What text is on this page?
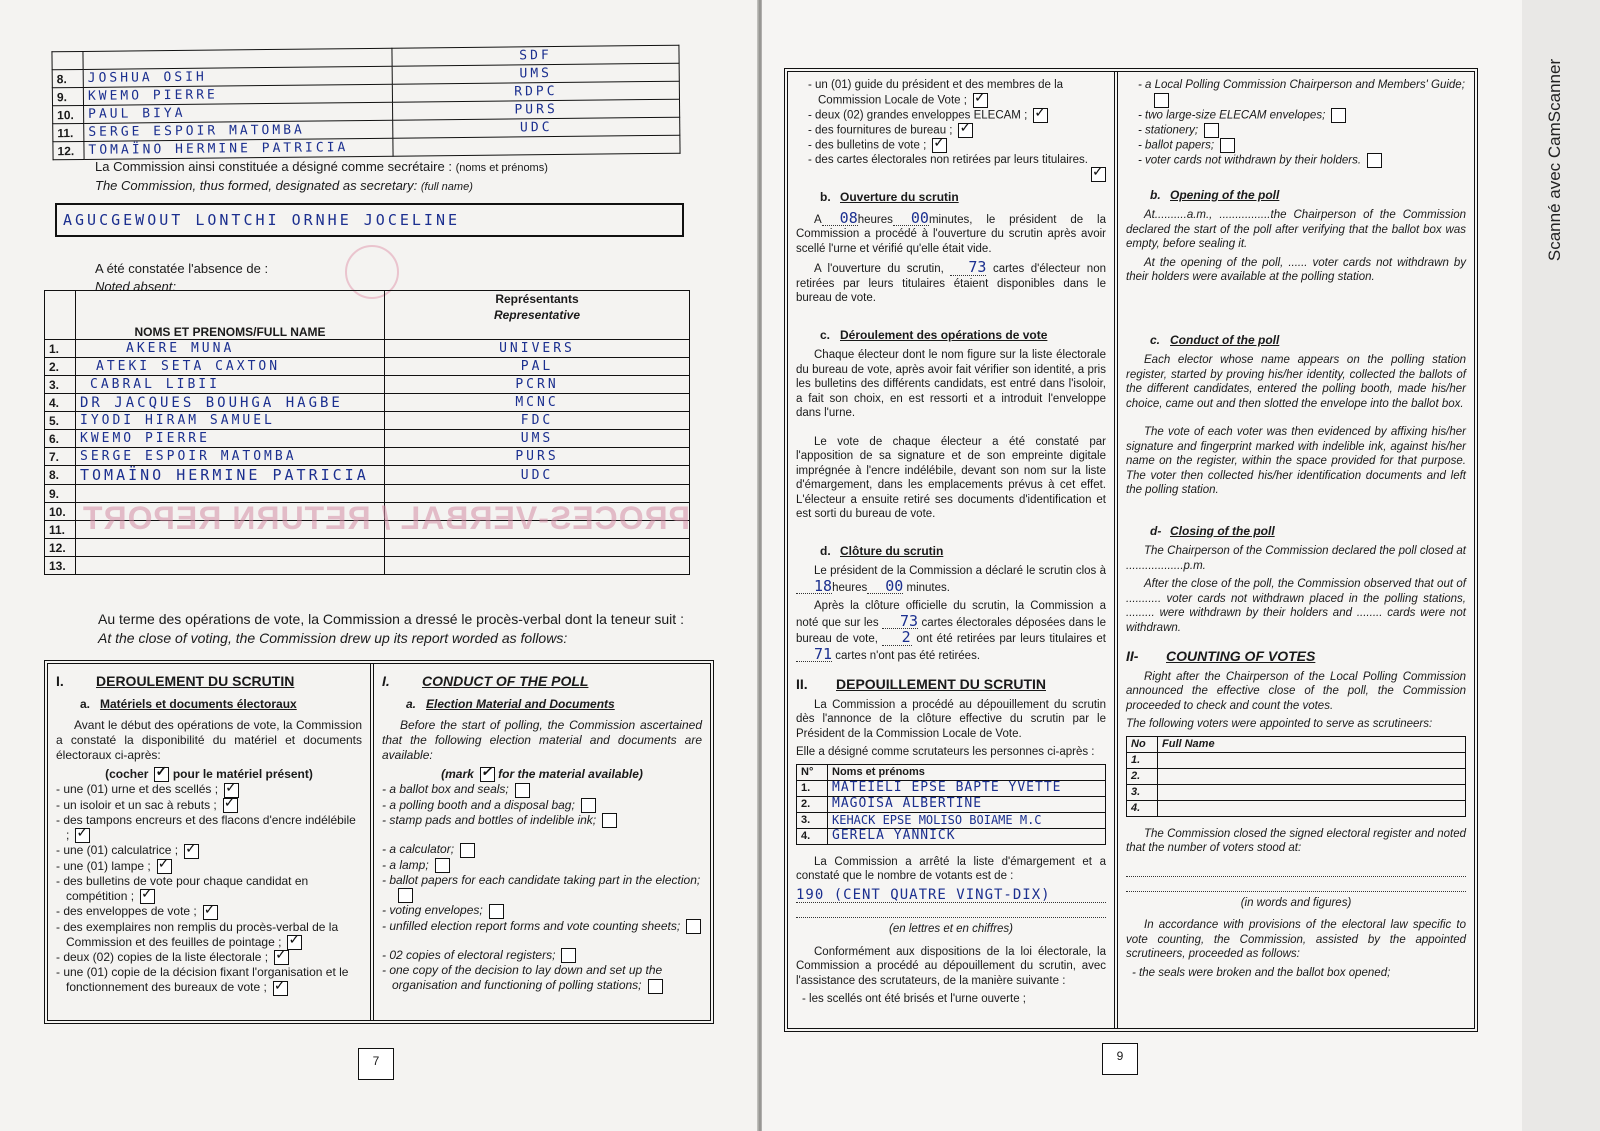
		SDF
8.	JOSHUA OSIH	UMS
9.	KWEMO PIERRE	RDPC
10.	PAUL BIYA	PURS
11.	SERGE ESPOIR MATOMBA	UDC
12.	TOMAÏNO HERMINE PATRICIA	
La Commission ainsi constituée a désigné comme secrétaire : (noms et prénoms)
The Commission, thus formed, designated as secretary: (full name)
AGUCGEWOUT LONTCHI ORNHE JOCELINE
A été constatée l'absence de :
Noted absent:
	NOMS ET PRENOMS/FULL NAME	Représentants
Representative

1.	AKERE MUNA	UNIVERS
2.	ATEKI SETA CAXTON	PAL
3.	CABRAL LIBII	PCRN
4.	DR JACQUES BOUHGA HAGBE	MCNC
5.	IYODI HIRAM SAMUEL	FDC
6.	KWEMO PIERRE	UMS
7.	SERGE ESPOIR MATOMBA	PURS
8.	TOMAÏNO HERMINE PATRICIA	UDC
9.		
10.		
11.		
12.		
13.		
PROCES-VERBAL / RETURN REPORT
Au terme des opérations de vote, la Commission a dressé le procès-verbal dont la teneur suit :
At the close of voting, the Commission drew up its report worded as follows:
I. DEROULEMENT DU SCRUTIN
a. Matériels et documents électoraux

Avant le début des opérations de vote, la Commission a constaté la disponibilité du matériel et documents électoraux ci-après:

(cocher ✓ pour le matériel présent)

- une (01) urne et des scellés ;✓

- un isoloir et un sac à rebuts ;✓

- des tampons encreurs et des flacons d'encre indélébile ;✓

- une (01) calculatrice ;✓

- une (01) lampe ;✓

- des bulletins de vote pour chaque candidat en compétition ;✓

- des enveloppes de vote ;✓

- des exemplaires non remplis du procès-verbal de la Commission et des feuilles de pointage ;✓

- deux (02) copies de la liste électorale ;✓

- une (01) copie de la décision fixant l'organisation et le fonctionnement des bureaux de vote ;✓

I. CONDUCT OF THE POLL
a. Election Material and Documents

Before the start of polling, the Commission ascertained that the following election material and documents are available:

(mark ✓ for the material available)

- a ballot box and seals;

- a polling booth and a disposal bag;

- stamp pads and bottles of indelible ink;

- a calculator;

- a lamp;

- ballot papers for each candidate taking part in the election;

- voting envelopes;

- unfilled election report forms and vote counting sheets;

- 02 copies of electoral registers;

- one copy of the decision to lay down and set up the organisation and functioning of polling stations;

7

- un (01) guide du président et des membres de la Commission Locale de Vote ;✓

- deux (02) grandes enveloppes ELECAM ;✓

- des fournitures de bureau ;✓

- des bulletins de vote ;✓

- des cartes électorales non retirées par leurs titulaires.

✓
b. Ouverture du scrutin

A 08heures 00minutes, le président de la Commission a procédé à l'ouverture du scrutin après avoir scellé l'urne et vérifié qu'elle était vide.

A l'ouverture du scrutin, 73 cartes d'électeur non retirées par leurs titulaires étaient disponibles dans le bureau de vote.

c. Déroulement des opérations de vote

Chaque électeur dont le nom figure sur la liste électorale du bureau de vote, après avoir fait vérifier son identité, a pris les bulletins des différents candidats, est entré dans l'isoloir, a fait son choix, en est ressorti et a introduit l'enveloppe dans l'urne.

Le vote de chaque électeur a été constaté par l'apposition de sa signature et de son empreinte digitale imprégnée à l'encre indélébile, devant son nom sur la liste d'émargement, dans les emplacements prévus à cet effet. L'électeur a ensuite retiré ses documents d'identification et est sorti du bureau de vote.

d. Clôture du scrutin

Le président de la Commission a déclaré le scrutin clos à 18heures 00 minutes.

Après la clôture officielle du scrutin, la Commission a noté que sur les 73 cartes électorales déposées dans le bureau de vote, 2 ont été retirées par leurs titulaires et 71 cartes n'ont pas été retirées.

II. DEPOUILLEMENT DU SCRUTIN

La Commission a procédé au dépouillement du scrutin dès l'annonce de la clôture effective du scrutin par le Président de la Commission Locale de Vote.

Elle a désigné comme scrutateurs les personnes ci-après :

N°	Noms et prénoms
1.	MATEIELI EPSE BAPTE YVETTE
2.	MAGOISA ALBERTINE
3.	KEHACK EPSE MOLISO BOIAME M.C
4.	GERELA YANNICK

La Commission a arrêté la liste d'émargement et a constaté que le nombre de votants est de :

190 (CENT QUATRE VINGT-DIX)
(en lettres et en chiffres)

Conformément aux dispositions de la loi électorale, la Commission a procédé au dépouillement du scrutin, avec l'assistance des scrutateurs, de la manière suivante :

- les scellés ont été brisés et l'urne ouverte ;

- a Local Polling Commission Chairperson and Members' Guide;

- two large-size ELECAM envelopes;

- stationery;

- ballot papers;

- voter cards not withdrawn by their holders.

b. Opening of the poll

At..........a.m., ................the Chairperson of the Commission declared the start of the poll after verifying that the ballot box was empty, before sealing it.

At the opening of the poll, ...... voter cards not withdrawn by their holders were available at the polling station.

c. Conduct of the poll

Each elector whose name appears on the polling station register, started by proving his/her identity, collected the ballots of the different candidates, entered the polling booth, made his/her choice, came out and then slotted the envelope into the ballot box.

The vote of each voter was then evidenced by affixing his/her signature and fingerprint marked with indelible ink, against his/her name on the register, within the space provided for that purpose. The voter then collected his/her identification documents and left the polling station.

d- Closing of the poll

The Chairperson of the Commission declared the poll closed at ..................p.m.

After the close of the poll, the Commission observed that out of ........... voter cards not withdrawn placed in the polling stations, ......... were withdrawn by their holders and ........ cards were not withdrawn.

II- COUNTING OF VOTES

Right after the Chairperson of the Local Polling Commission announced the effective close of the poll, the Commission proceeded to check and count the votes.

The following voters were appointed to serve as scrutineers:

No	Full Name
1.	
2.	
3.	
4.	

The Commission closed the signed electoral register and noted that the number of voters stood at:

(in words and figures)

In accordance with provisions of the electoral law specific to vote counting, the Commission, assisted by the appointed scrutineers, proceeded as follows:

- the seals were broken and the ballot box opened;

9
Scanné avec CamScanner
